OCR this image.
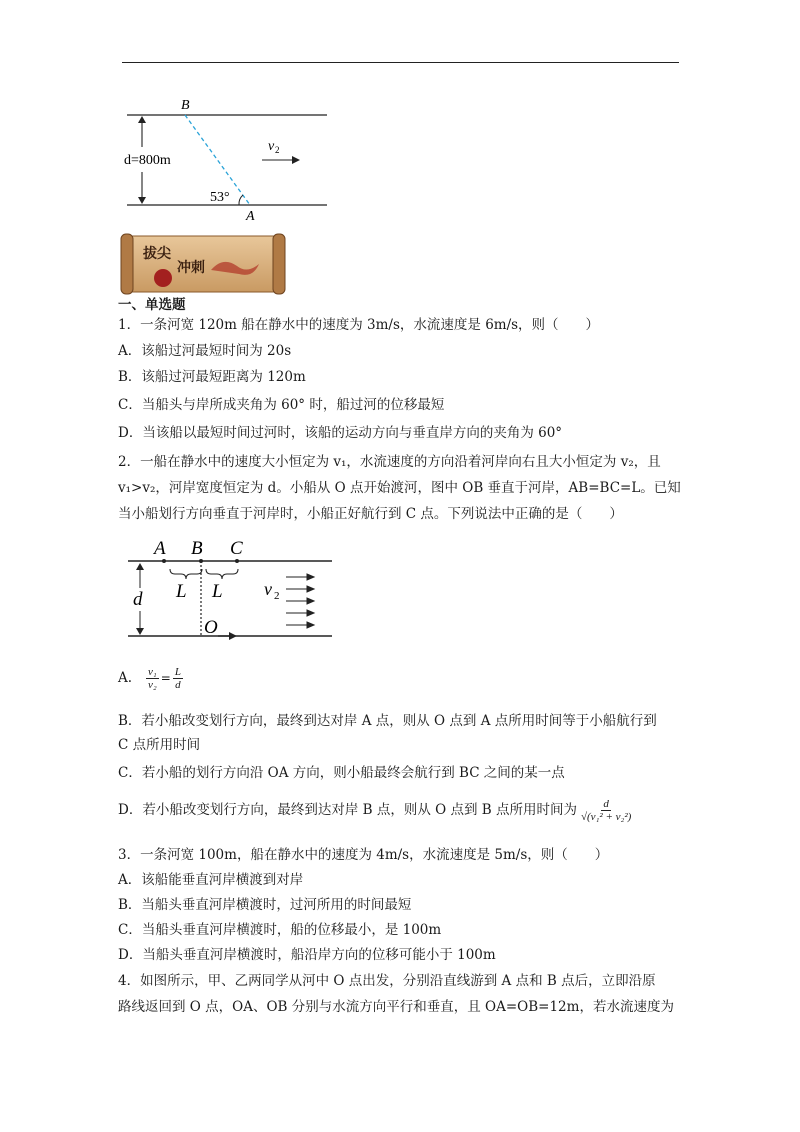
B
A
d=800m
v 2
53°
拔尖
冲刺
一、单选题
1．一条河宽 120m 船在静水中的速度为 3m/s，水流速度是 6m/s，则（　　）
A．该船过河最短时间为 20s
B．该船过河最短距离为 120m
C．当船头与岸所成夹角为 60° 时，船过河的位移最短
D．当该船以最短时间过河时，该船的运动方向与垂直岸方向的夹角为 60°
2．一船在静水中的速度大小恒定为 v₁，水流速度的方向沿着河岸向右且大小恒定为 v₂，且
v₁>v₂，河岸宽度恒定为 d。小船从 O 点开始渡河，图中 OB 垂直于河岸，AB=BC=L。已知
当小船划行方向垂直于河岸时，小船正好航行到 C 点。下列说法中正确的是（　　）
A B C
d L L v 2
O
A. $\frac{\text{v₁}}{\text{v₂}} = \frac{L}{d}$
B．若小船改变划行方向，最终到达对岸 A 点，则从 O 点到 A 点所用时间等于小船航行到
C 点所用时间
C．若小船的划行方向沿 OA 方向，则小船最终会航行到 BC 之间的某一点
D．若小船改变划行方向，最终到达对岸 B 点，则从 O 点到 B 点所用时间为 $\frac{d}{\text{√(v₁² + v₂²)}}$
3．一条河宽 100m，船在静水中的速度为 4m/s，水流速度是 5m/s，则（　　）
A．该船能垂直河岸横渡到对岸
B．当船头垂直河岸横渡时，过河所用的时间最短
C．当船头垂直河岸横渡时，船的位移最小，是 100m
D．当船头垂直河岸横渡时，船沿岸方向的位移可能小于 100m
4．如图所示，甲、乙两同学从河中 O 点出发，分别沿直线游到 A 点和 B 点后，立即沿原
路线返回到 O 点，OA、OB 分别与水流方向平行和垂直，且 OA=OB=12m，若水流速度为
